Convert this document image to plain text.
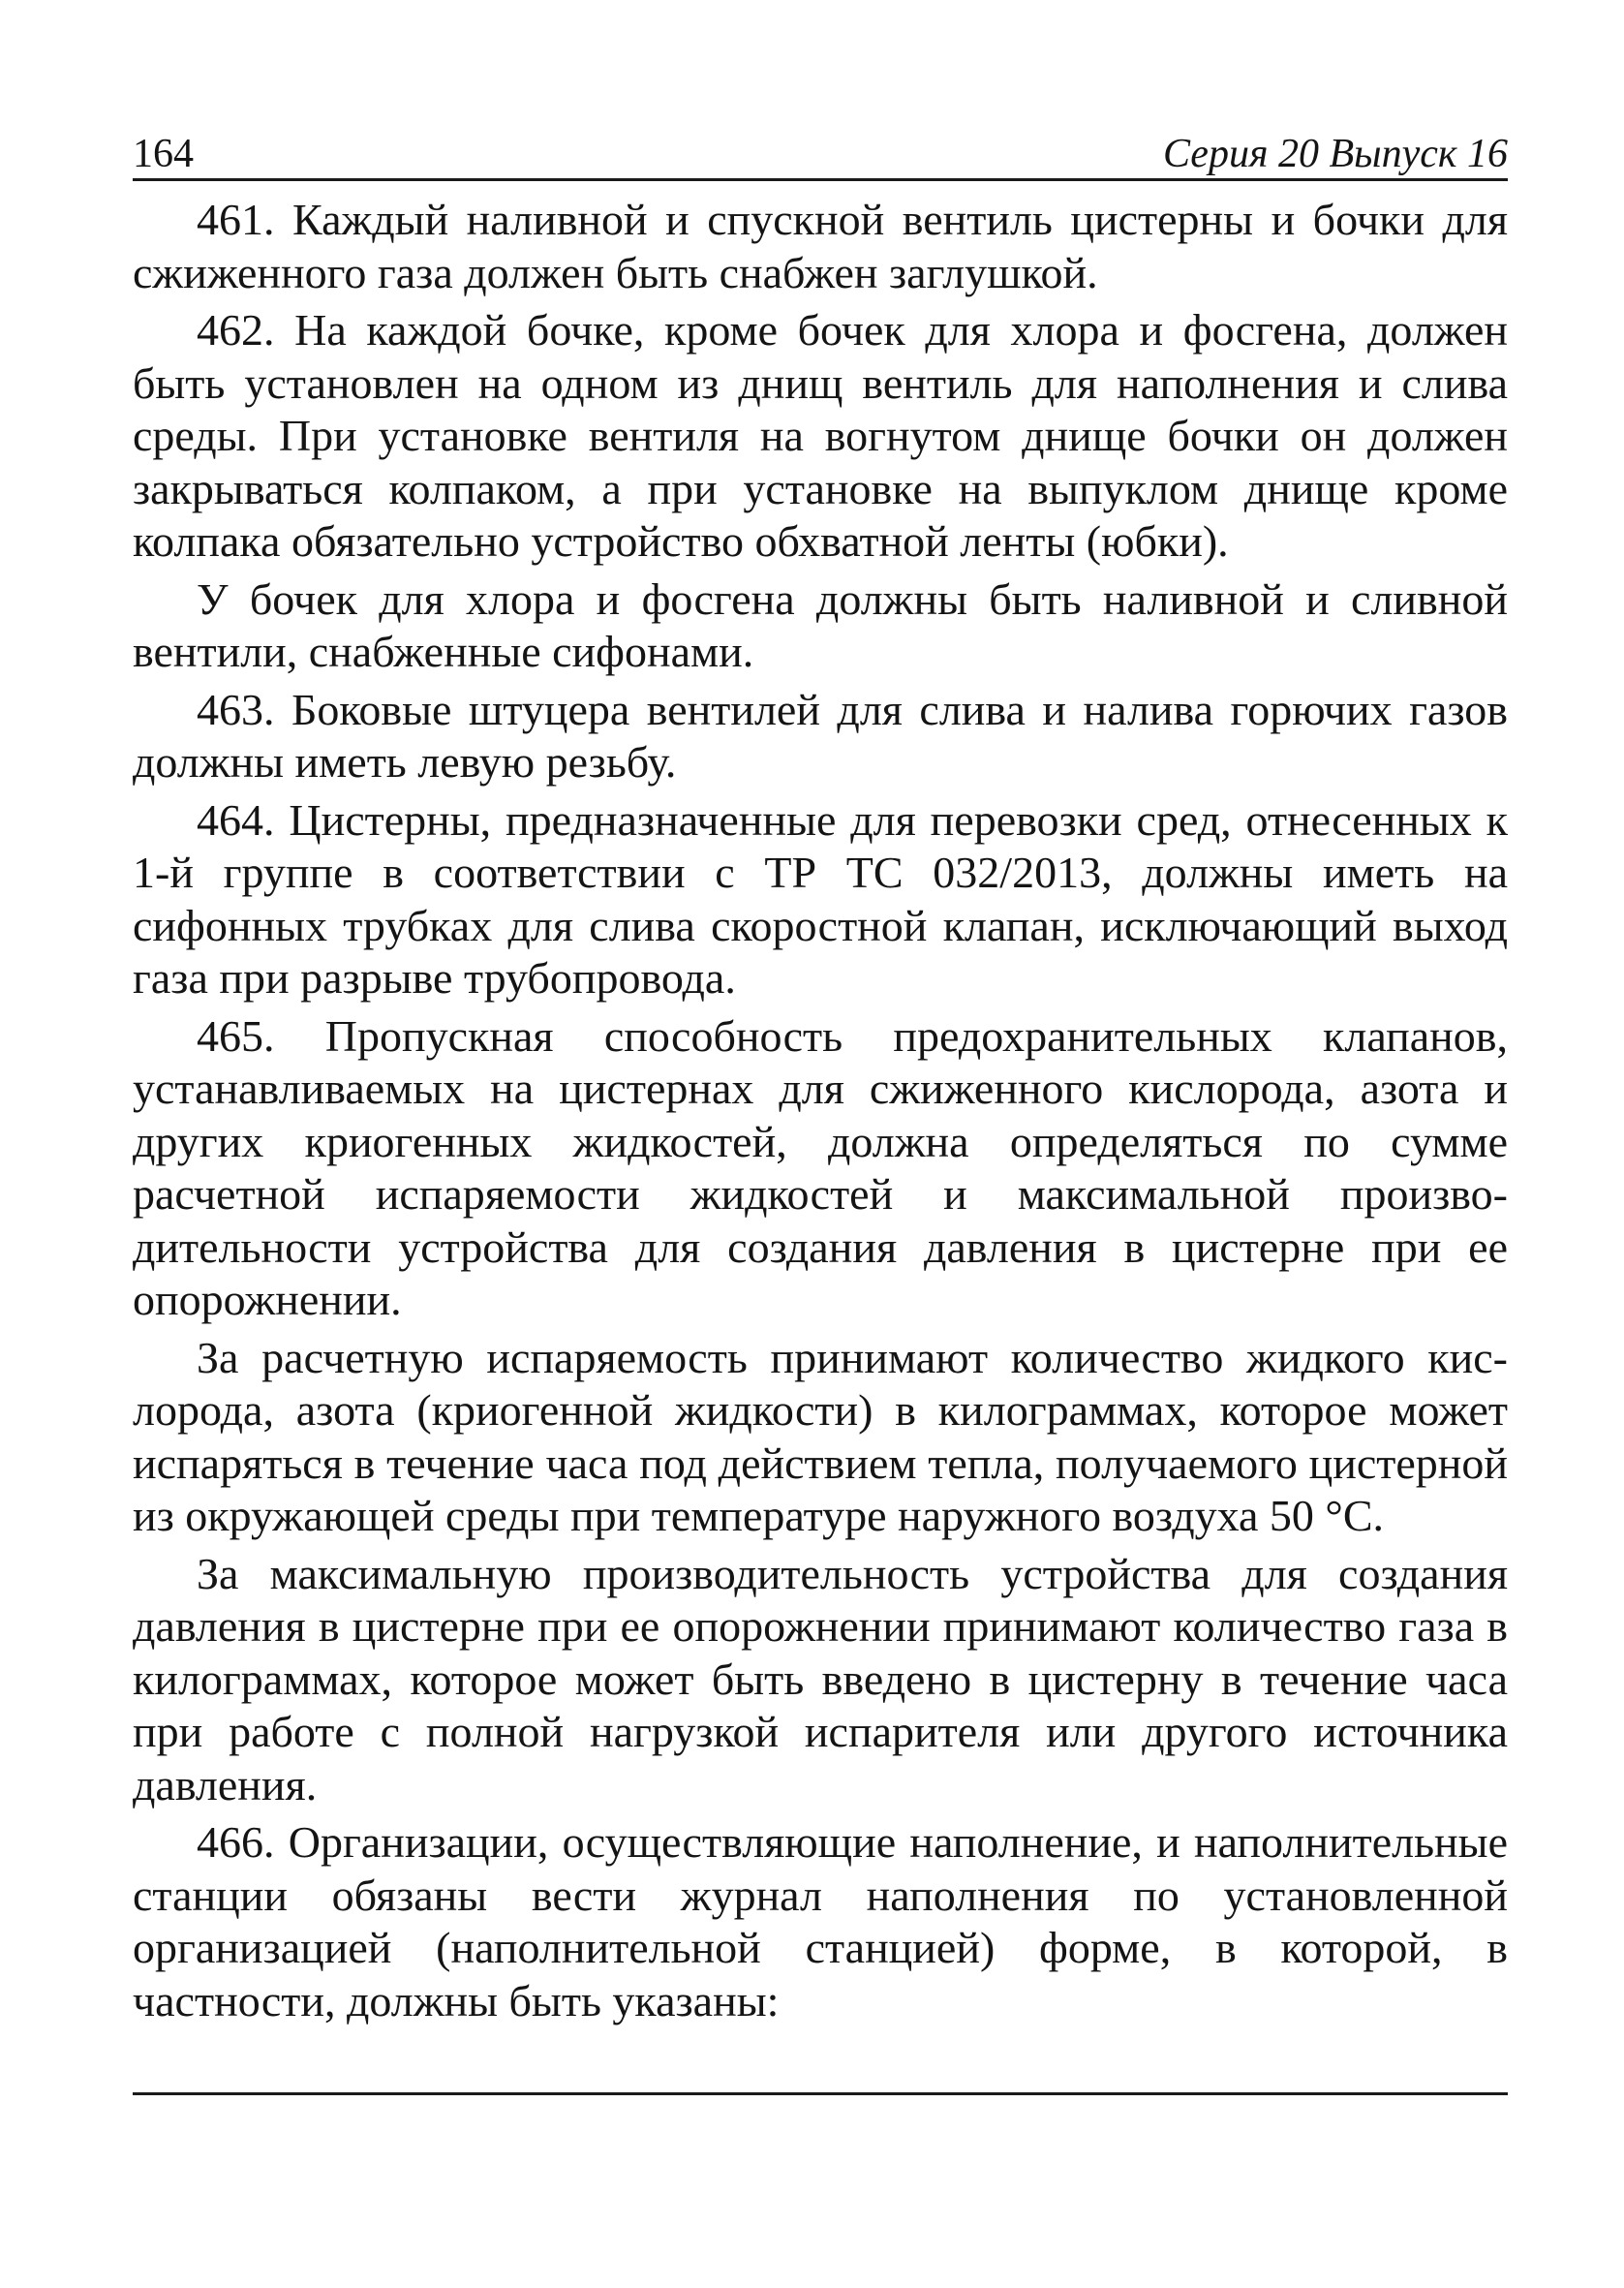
164	Серия 20 Выпуск 16

461. Каждый наливной и спускной вентиль цистерны и бочки для сжиженного газа должен быть снабжен заглушкой.

462. На каждой бочке, кроме бочек для хлора и фосгена, должен быть установлен на одном из днищ вентиль для наполнения и слива среды. При установке вентиля на вогнутом днище бочки он должен закрываться колпаком, а при установке на выпуклом днище кроме колпака обязательно устройство обхватной ленты (юбки).

У бочек для хлора и фосгена должны быть наливной и сливной вентили, снабженные сифонами.

463. Боковые штуцера вентилей для слива и налива горючих газов должны иметь левую резьбу.

464. Цистерны, предназначенные для перевозки сред, отнесенных к 1-й группе в соответствии с ТР ТС 032/2013, должны иметь на сифонных трубках для слива скоростной клапан, исключающий выход газа при разрыве трубопровода.

465. Пропускная способность предохранительных клапанов, устанавливаемых на цистернах для сжиженного кислорода, азота и других криогенных жидкостей, должна определяться по сумме расчетной испаряемости жидкостей и максимальной производительности устройства для создания давления в цистерне при ее опорожнении.

За расчетную испаряемость принимают количество жидкого кислорода, азота (криогенной жидкости) в килограммах, которое может испаряться в течение часа под действием тепла, получаемого цистерной из окружающей среды при температуре наружного воздуха 50 °С.

За максимальную производительность устройства для создания давления в цистерне при ее опорожнении принимают количество газа в килограммах, которое может быть введено в цистерну в течение часа при работе с полной нагрузкой испарителя или другого источника давления.

466. Организации, осуществляющие наполнение, и наполнительные станции обязаны вести журнал наполнения по установленной организацией (наполнительной станцией) форме, в которой, в частности, должны быть указаны:
